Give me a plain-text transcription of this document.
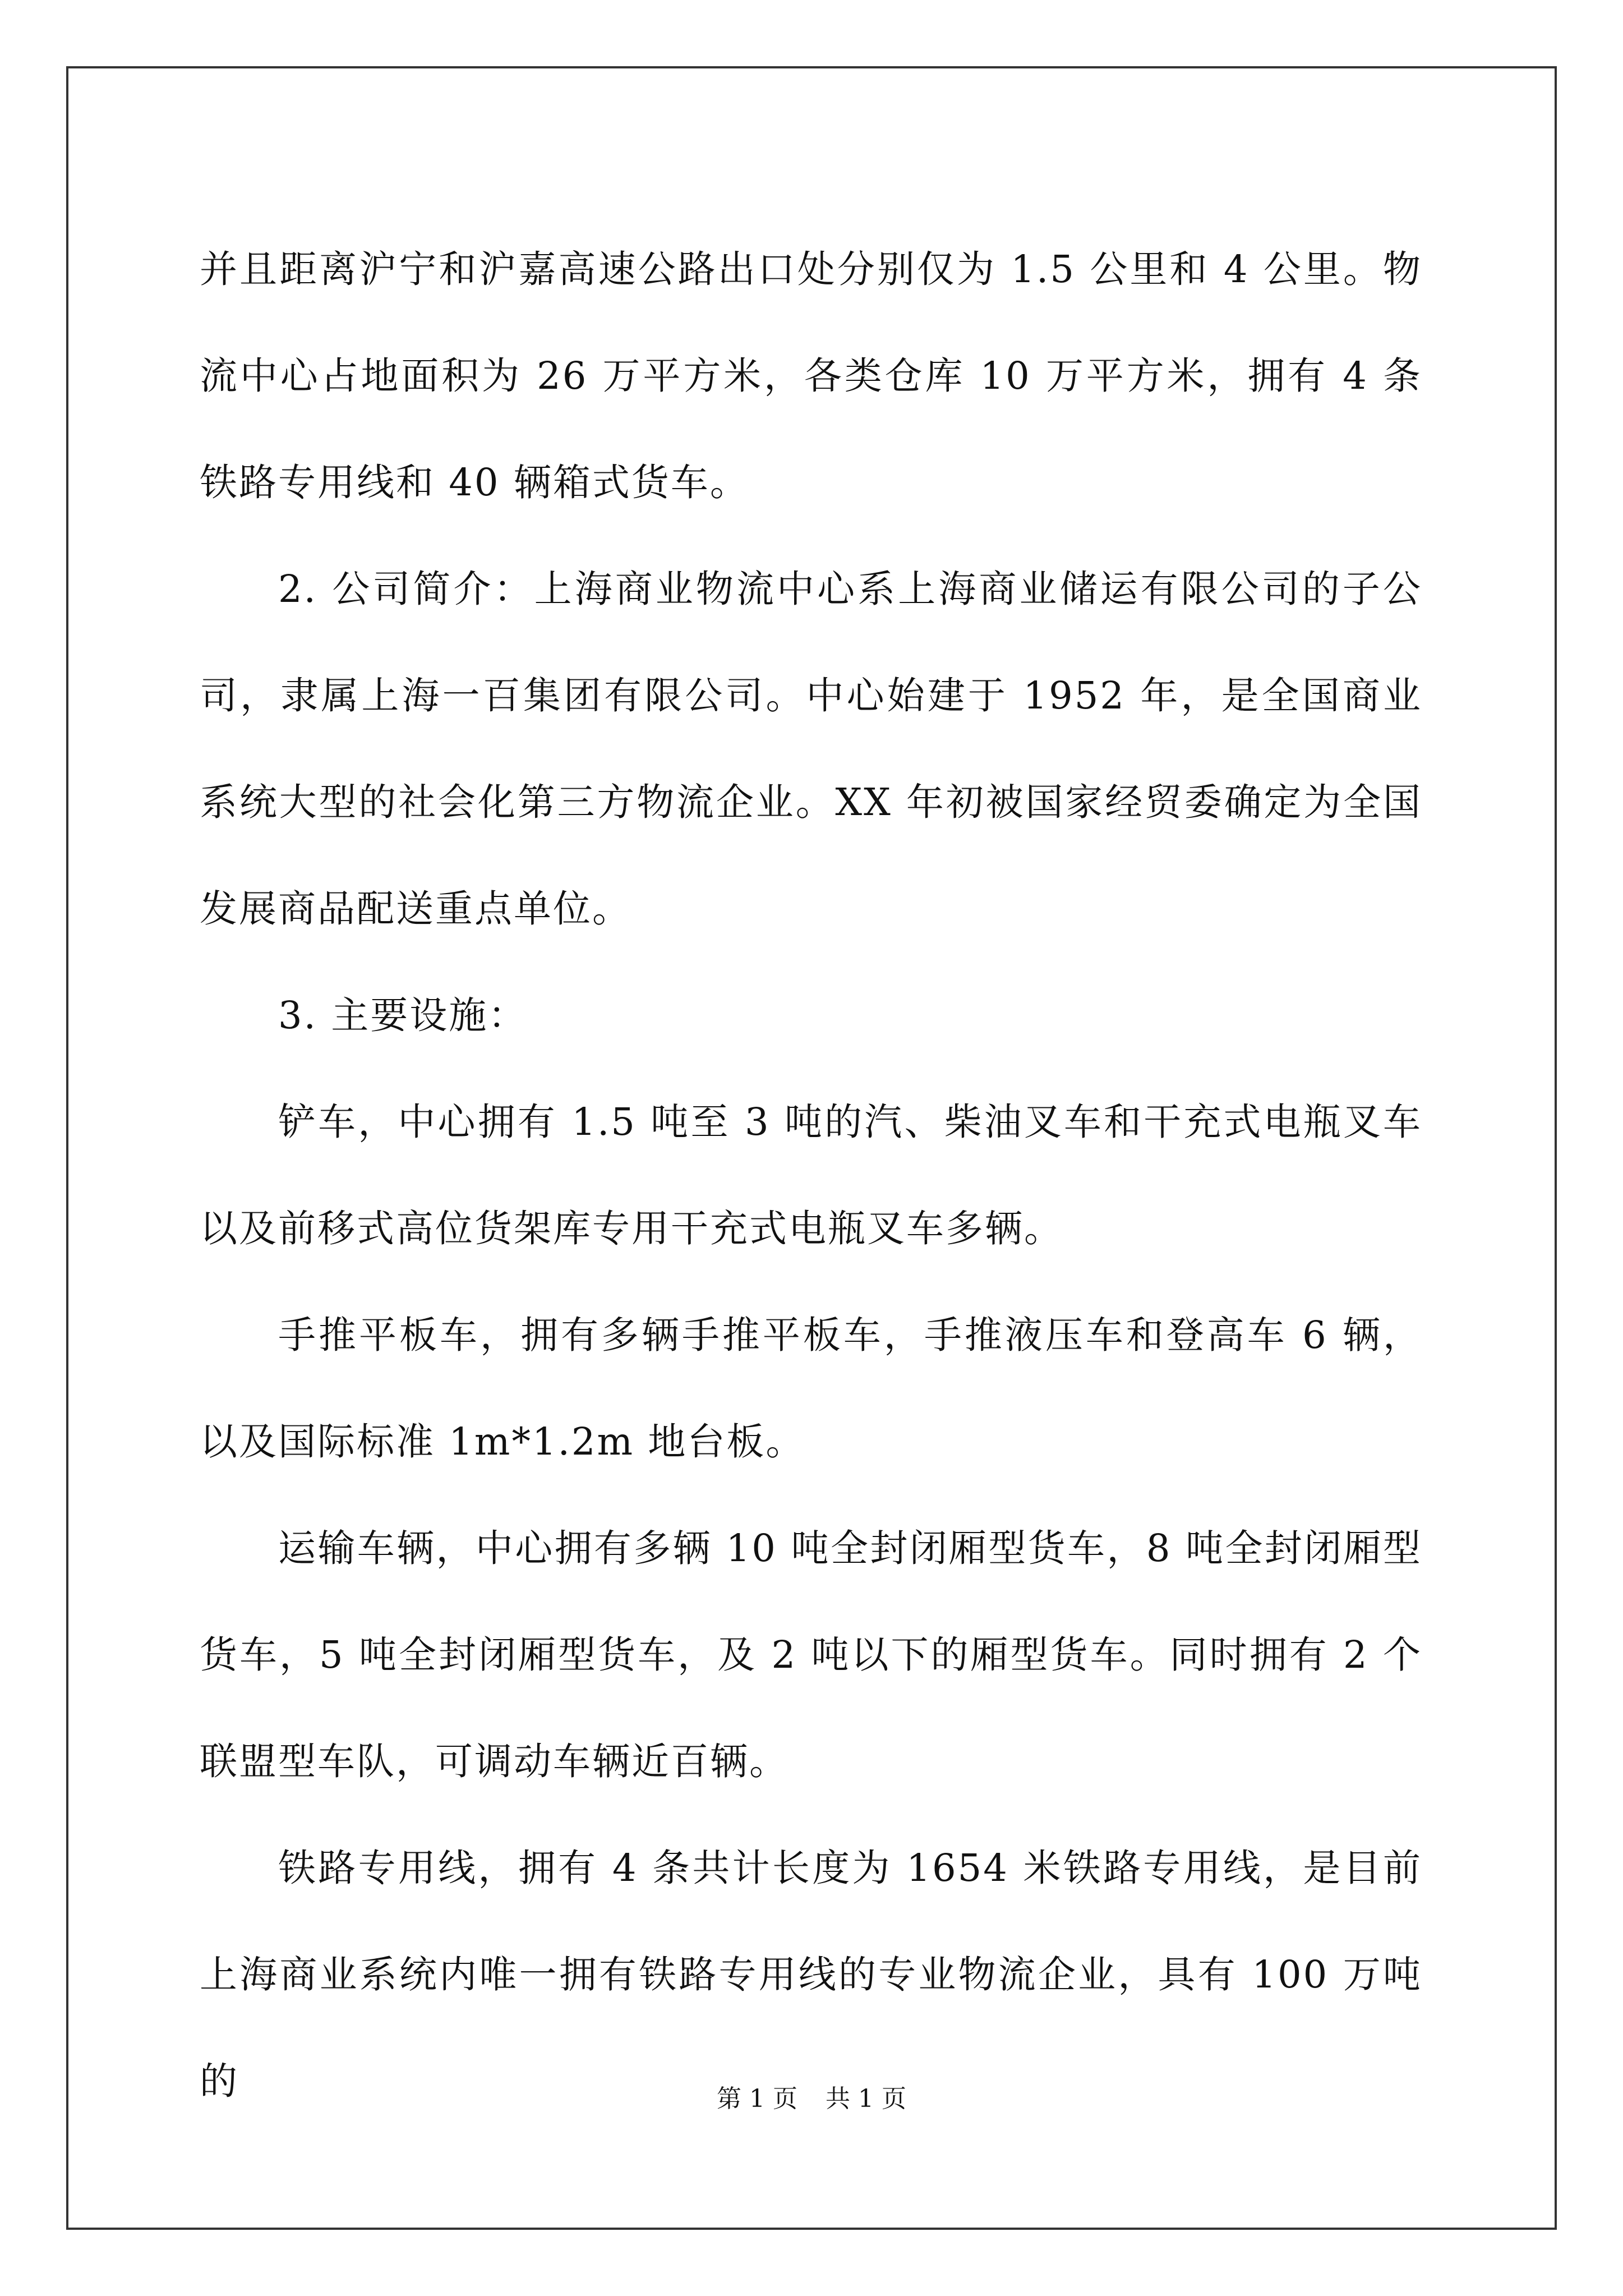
并且距离沪宁和沪嘉高速公路出口处分别仅为 1.5 公里和 4 公里。物流中心占地面积为 26 万平方米，各类仓库 10 万平方米，拥有 4 条铁路专用线和 40 辆箱式货车。

2. 公司简介：上海商业物流中心系上海商业储运有限公司的子公司，隶属上海一百集团有限公司。中心始建于 1952 年，是全国商业系统大型的社会化第三方物流企业。XX 年初被国家经贸委确定为全国发展商品配送重点单位。

3. 主要设施：

铲车，中心拥有 1.5 吨至 3 吨的汽、柴油叉车和干充式电瓶叉车以及前移式高位货架库专用干充式电瓶叉车多辆。

手推平板车，拥有多辆手推平板车，手推液压车和登高车 6 辆，以及国际标准 1m*1.2m 地台板。

运输车辆，中心拥有多辆 10 吨全封闭厢型货车，8 吨全封闭厢型货车，5 吨全封闭厢型货车，及 2 吨以下的厢型货车。同时拥有 2 个联盟型车队，可调动车辆近百辆。

铁路专用线，拥有 4 条共计长度为 1654 米铁路专用线，是目前上海商业系统内唯一拥有铁路专用线的专业物流企业，具有 100 万吨的	第 1 页 共 1 页
